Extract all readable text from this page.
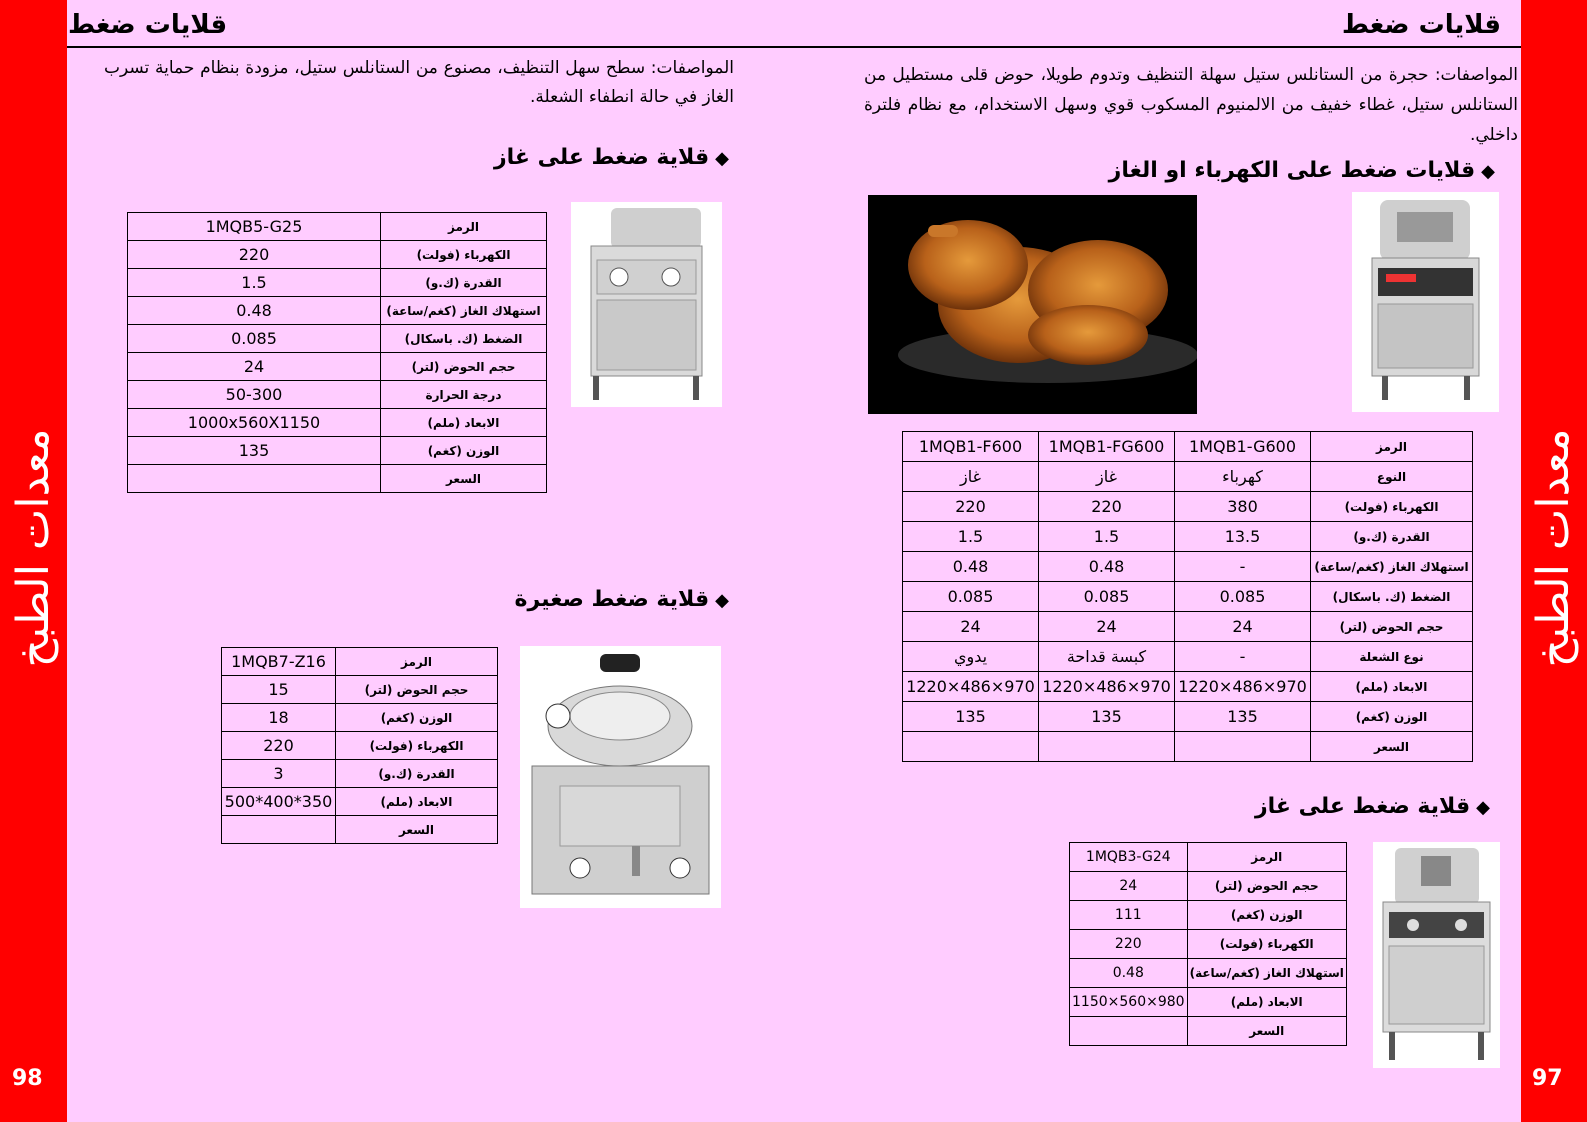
معدات الطبخ	معدات الطبخ
98	97
قلايات ضغط	قلايات ضغط
المواصفات: حجرة من الستانلس ستيل سهلة التنظيف وتدوم طويلا، حوض قلى مستطيل من الستانلس ستيل، غطاء خفيف من الالمنيوم المسكوب قوي وسهل الاستخدام، مع نظام فلترة داخلي.
المواصفات: سطح سهل التنظيف، مصنوع من الستانلس ستيل، مزودة بنظام حماية تسرب الغاز في حالة انطفاء الشعلة.
◆قلايات ضغط على الكهرباء او الغاز
◆قلاية ضغط على غاز
◆قلاية ضغط على غاز
◆قلاية ضغط صغيرة
الرمز	1MQB1-G600	1MQB1-FG600	1MQB1-F600
النوع	كهرباء	غاز	غاز
الكهرباء (فولت)	380	220	220
القدرة (ك.و)	13.5	1.5	1.5
استهلاك الغاز (كغم/ساعة)	-	0.48	0.48
الضغط (ك. باسكال)	0.085	0.085	0.085
حجم الحوض (لتر)	24	24	24
نوع الشعلة	-	كبسة قداحة	يدوي
الابعاد (ملم)	970×486×1220	970×486×1220	970×486×1220
الوزن (كغم)	135	135	135
السعر			
الرمز	1MQB3-G24
حجم الحوض (لتر)	24
الوزن (كغم)	111
الكهرباء (فولت)	220
استهلاك الغاز (كغم/ساعة)	0.48
الابعاد (ملم)	980×560×1150
السعر	
الرمز	1MQB5-G25
الكهرباء (فولت)	220
القدرة (ك.و)	1.5
استهلاك الغاز (كغم/ساعة)	0.48
الضغط (ك. باسكال)	0.085
حجم الحوض (لتر)	24
درجة الحرارة	50-300
الابعاد (ملم)	1000x560X1150
الوزن (كغم)	135
السعر	
الرمز	1MQB7-Z16
حجم الحوض (لتر)	15
الوزن (كغم)	18
الكهرباء (فولت)	220
القدرة (ك.و)	3
الابعاد (ملم)	350*400*500
السعر	
